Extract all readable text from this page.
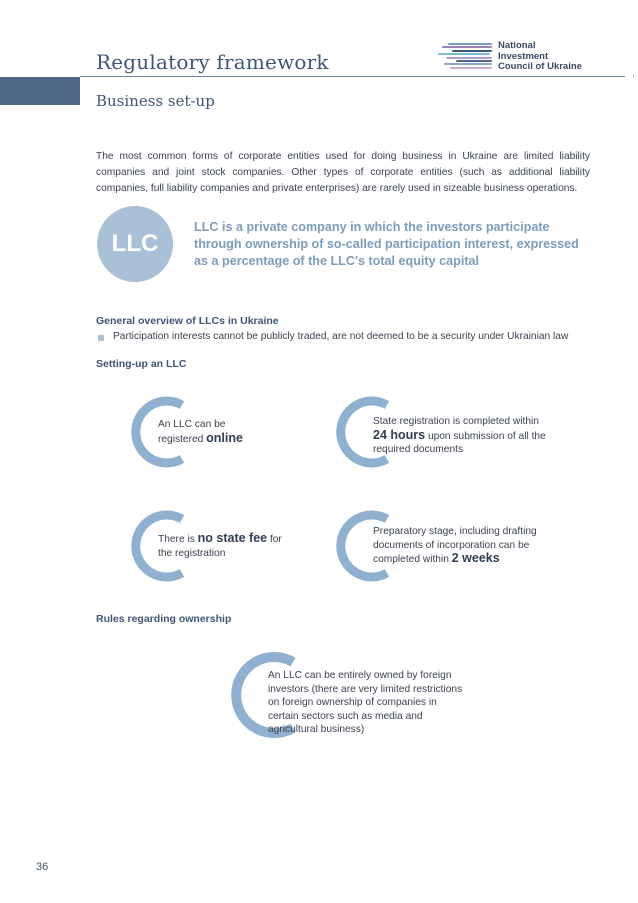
Regulatory framework
Business set-up
National
Investment
Council of Ukraine
The most common forms of corporate entities used for doing business in Ukraine are limited liability companies and joint stock companies. Other types of corporate entities (such as additional liability companies, full liability companies and private enterprises) are rarely used in sizeable business operations.
LLC
LLC is a private company in which the investors participate through ownership of so-called participation interest, expressed as a percentage of the LLC's total equity capital
General overview of LLCs in Ukraine
Participation interests cannot be publicly traded, are not deemed to be a security under Ukrainian law
Setting-up an LLC
An LLC can be registered online
State registration is completed within 24 hours upon submission of all the required documents
There is no state fee for the registration
Preparatory stage, including drafting documents of incorporation can be completed within 2 weeks
Rules regarding ownership
An LLC can be entirely owned by foreign investors (there are very limited restrictions on foreign ownership of companies in certain sectors such as media and agricultural business)
36
